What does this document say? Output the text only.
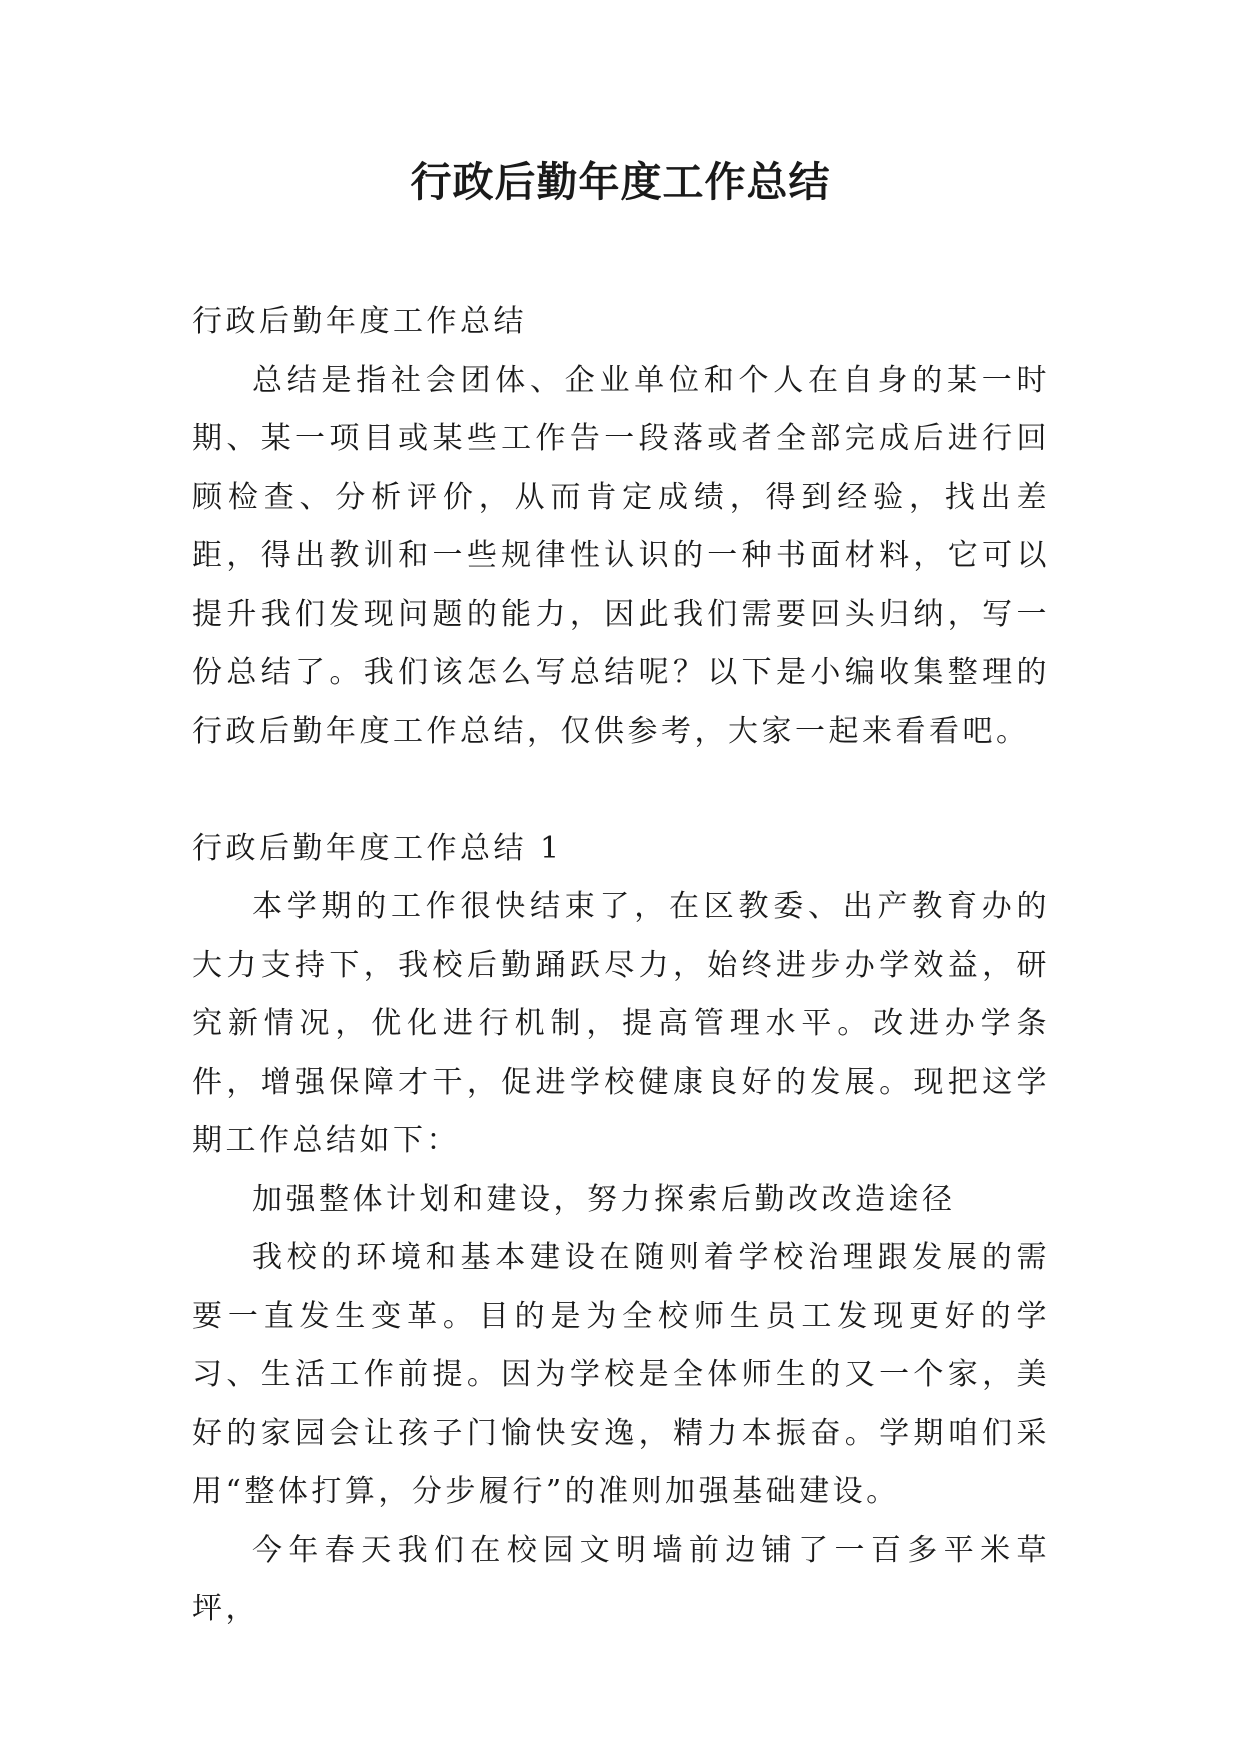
行政后勤年度工作总结

行政后勤年度工作总结

总结是指社会团体、企业单位和个人在自身的某一时期、某一项目或某些工作告一段落或者全部完成后进行回顾检查、分析评价，从而肯定成绩，得到经验，找出差距，得出教训和一些规律性认识的一种书面材料，它可以提升我们发现问题的能力，因此我们需要回头归纳，写一份总结了。我们该怎么写总结呢？以下是小编收集整理的行政后勤年度工作总结，仅供参考，大家一起来看看吧。

行政后勤年度工作总结 1

本学期的工作很快结束了，在区教委、出产教育办的大力支持下，我校后勤踊跃尽力，始终进步办学效益，研究新情况，优化进行机制，提高管理水平。改进办学条件，增强保障才干，促进学校健康良好的发展。现把这学期工作总结如下：

加强整体计划和建设，努力探索后勤改改造途径

我校的环境和基本建设在随则着学校治理跟发展的需要一直发生变革。目的是为全校师生员工发现更好的学习、生活工作前提。因为学校是全体师生的又一个家，美好的家园会让孩子门愉快安逸，精力本振奋。学期咱们采用“整体打算，分步履行”的准则加强基础建设。

今年春天我们在校园文明墙前边铺了一百多平米草坪，
